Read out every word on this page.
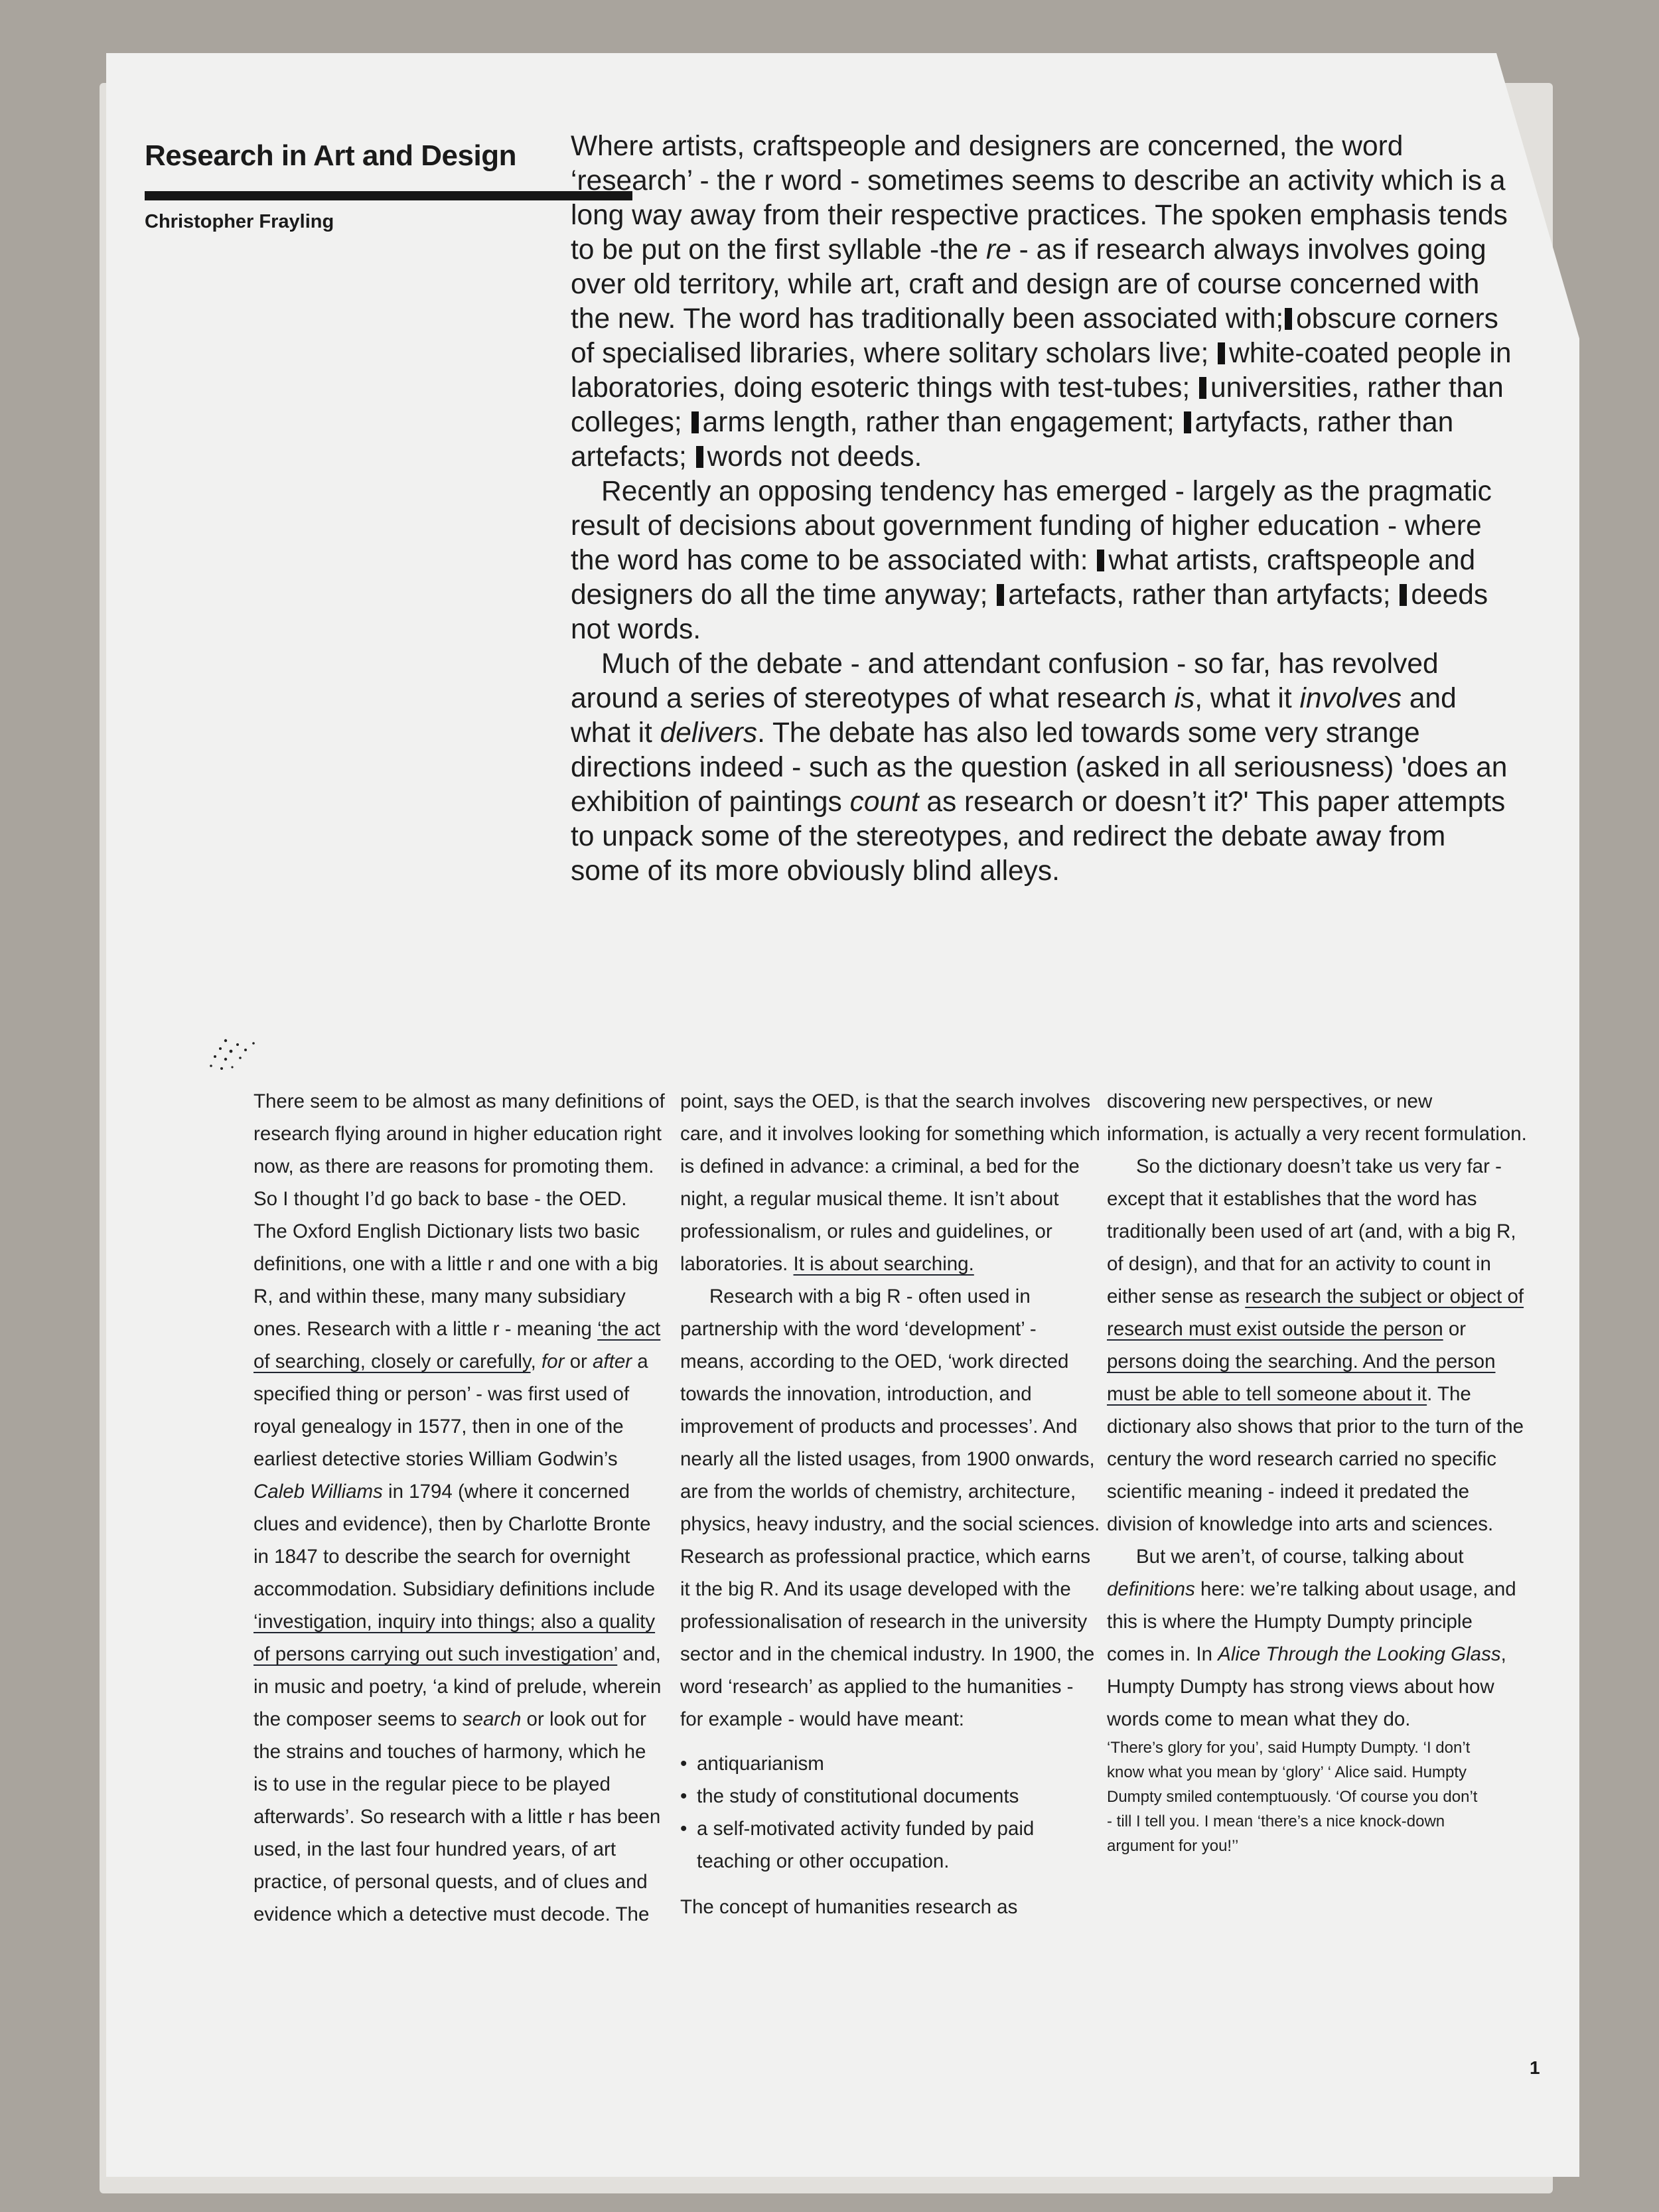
Research in Art and Design
Christopher Frayling

Where artists, craftspeople and designers are concerned, the word ‘research’ - the r word - sometimes seems to describe an activity which is a long way away from their respective practices. The spoken emphasis tends to be put on the first syllable -the re - as if research always involves going over old territory, while art, craft and design are of course concerned with the new. The word has traditionally been associated with; obscure corners of specialised libraries, where solitary scholars live; white-coated people in laboratories, doing esoteric things with test-tubes; universities, rather than colleges; arms length, rather than engagement; artyfacts, rather than artefacts; words not deeds.

Recently an opposing tendency has emerged - largely as the pragmatic result of decisions about government funding of higher education - where the word has come to be associated with: what artists, craftspeople and designers do all the time anyway; artefacts, rather than artyfacts; deeds not words.

Much of the debate - and attendant confusion - so far, has revolved around a series of stereotypes of what research is, what it involves and what it delivers. The debate has also led towards some very strange directions indeed - such as the question (asked in all seriousness) 'does an exhibition of paintings count as research or doesn’t it?' This paper attempts to unpack some of the stereotypes, and redirect the debate away from some of its more obviously blind alleys.

There seem to be almost as many definitions of research flying around in higher education right now, as there are reasons for promoting them. So I thought I’d go back to base - the OED. The Oxford English Dictionary lists two basic definitions, one with a little r and one with a big R, and within these, many many subsidiary ones. Research with a little r - meaning ‘the act of searching, closely or carefully, for or after a specified thing or person’ - was first used of royal genealogy in 1577, then in one of the earliest detective stories William Godwin’s Caleb Williams in 1794 (where it concerned clues and evidence), then by Charlotte Bronte in 1847 to describe the search for overnight accommodation. Subsidiary definitions include ‘investigation, inquiry into things; also a quality of persons carrying out such investigation’ and, in music and poetry, ‘a kind of prelude, wherein the composer seems to search or look out for the strains and touches of harmony, which he is to use in the regular piece to be played afterwards’. So research with a little r has been used, in the last four hundred years, of art practice, of personal quests, and of clues and evidence which a detective must decode. The

point, says the OED, is that the search involves care, and it involves looking for something which is defined in advance: a criminal, a bed for the night, a regular musical theme. It isn’t about professionalism, or rules and guidelines, or laboratories. It is about searching.

Research with a big R - often used in partnership with the word ‘development’ - means, according to the OED, ‘work directed towards the innovation, introduction, and improvement of products and processes’. And nearly all the listed usages, from 1900 onwards, are from the worlds of chemistry, architecture, physics, heavy industry, and the social sciences. Research as professional practice, which earns it the big R. And its usage developed with the professionalisation of research in the university sector and in the chemical industry. In 1900, the word ‘research’ as applied to the humanities - for example - would have meant:

• antiquarianism
• the study of constitutional documents
• a self-motivated activity funded by paid teaching or other occupation.

The concept of humanities research as

discovering new perspectives, or new information, is actually a very recent formulation.

So the dictionary doesn’t take us very far - except that it establishes that the word has traditionally been used of art (and, with a big R, of design), and that for an activity to count in either sense as research the subject or object of research must exist outside the person or persons doing the searching. And the person must be able to tell someone about it. The dictionary also shows that prior to the turn of the century the word research carried no specific scientific meaning - indeed it predated the division of knowledge into arts and sciences.

But we aren’t, of course, talking about definitions here: we’re talking about usage, and this is where the Humpty Dumpty principle comes in. In Alice Through the Looking Glass, Humpty Dumpty has strong views about how words come to mean what they do.

‘There’s glory for you’, said Humpty Dumpty. ‘I don’t know what you mean by ‘glory’ ‘ Alice said. Humpty Dumpty smiled contemptuously. ‘Of course you don’t - till I tell you. I mean ‘there’s a nice knock-down argument for you!’’

1
